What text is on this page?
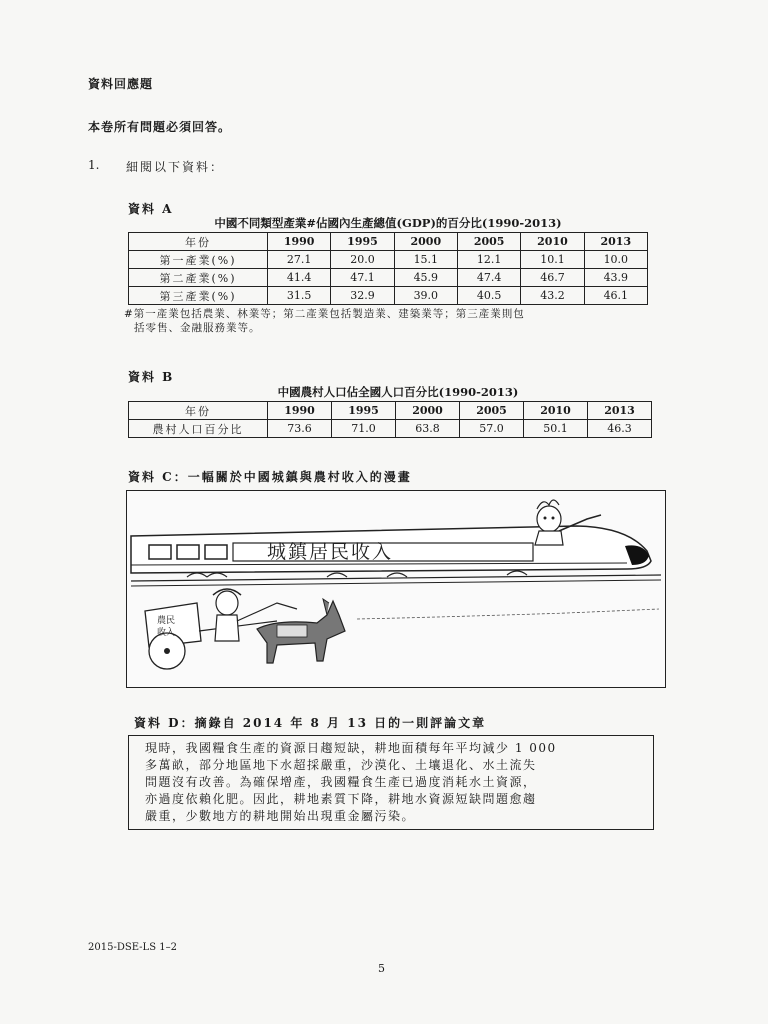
資料回應題
本卷所有問題必須回答。
1. 細閱以下資料：
資料 A
中國不同類型產業#佔國內生產總值(GDP)的百分比(1990-2013)
年份	1990	1995	2000	2005	2010	2013
第一產業(%)	27.1	20.0	15.1	12.1	10.1	10.0
第二產業(%)	41.4	47.1	45.9	47.4	46.7	43.9
第三產業(%)	31.5	32.9	39.0	40.5	43.2	46.1
#第一產業包括農業、林業等；第二產業包括製造業、建築業等；第三產業則包
括零售、金融服務業等。
資料 B
中國農村人口佔全國人口百分比(1990-2013)
年份	1990	1995	2000	2005	2010	2013
農村人口百分比	73.6	71.0	63.8	57.0	50.1	46.3
資料 C：一幅關於中國城鎮與農村收入的漫畫
城鎮居民收入
農民
收入
資料 D：摘錄自 2014 年 8 月 13 日的一則評論文章
現時，我國糧食生產的資源日趨短缺，耕地面積每年平均減少 1 000
多萬畝，部分地區地下水超採嚴重，沙漠化、土壤退化、水土流失
問題沒有改善。為確保增產，我國糧食生產已過度消耗水土資源，
亦過度依賴化肥。因此，耕地素質下降，耕地水資源短缺問題愈趨
嚴重，少數地方的耕地開始出現重金屬污染。
2015-DSE-LS 1–2
5
